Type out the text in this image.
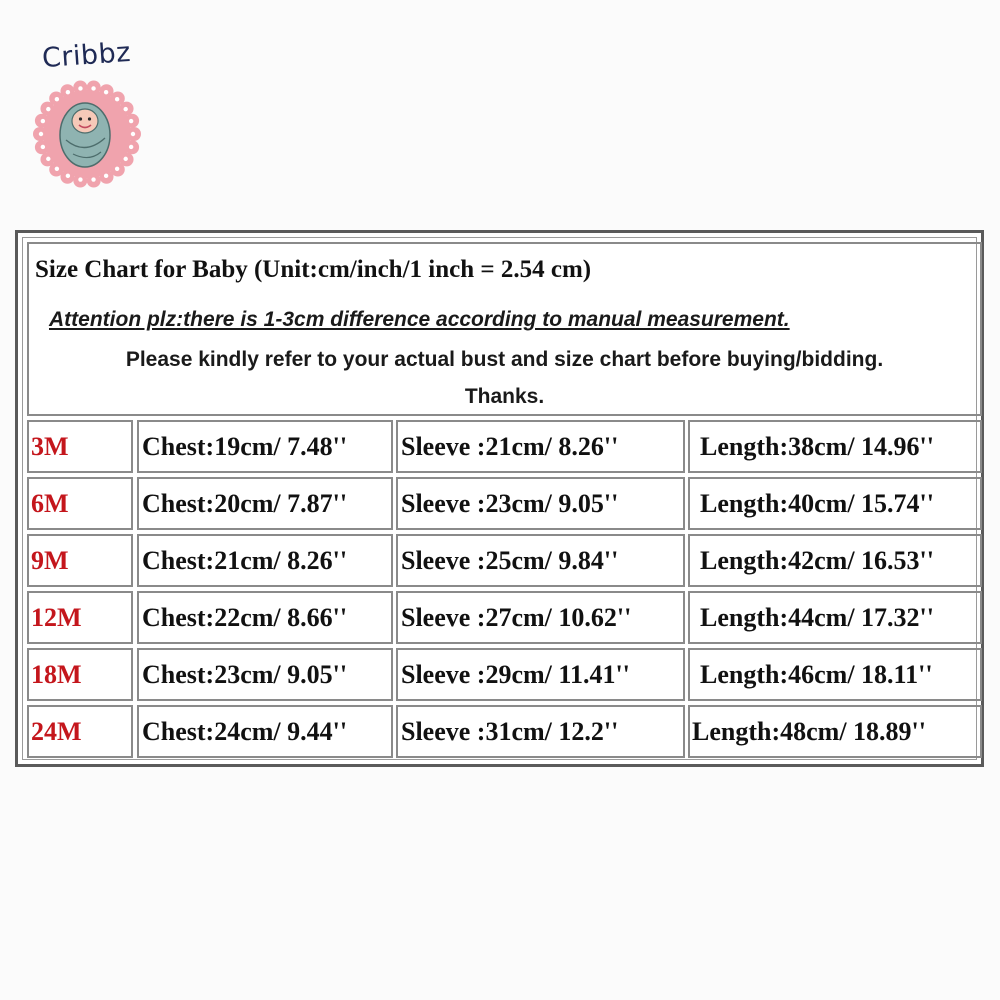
Cribbz
Size Chart for Baby (Unit:cm/inch/1 inch = 2.54 cm)
Attention plz:there is 1-3cm difference according to manual measurement.
Please kindly refer to your actual bust and size chart before buying/bidding.
Thanks.
3M	Chest:19cm/ 7.48''	Sleeve :21cm/ 8.26''	Length:38cm/ 14.96''
6M	Chest:20cm/ 7.87''	Sleeve :23cm/ 9.05''	Length:40cm/ 15.74''
9M	Chest:21cm/ 8.26''	Sleeve :25cm/ 9.84''	Length:42cm/ 16.53''
12M	Chest:22cm/ 8.66''	Sleeve :27cm/ 10.62''	Length:44cm/ 17.32''
18M	Chest:23cm/ 9.05''	Sleeve :29cm/ 11.41''	Length:46cm/ 18.11''
24M	Chest:24cm/ 9.44''	Sleeve :31cm/ 12.2''	Length:48cm/ 18.89''
